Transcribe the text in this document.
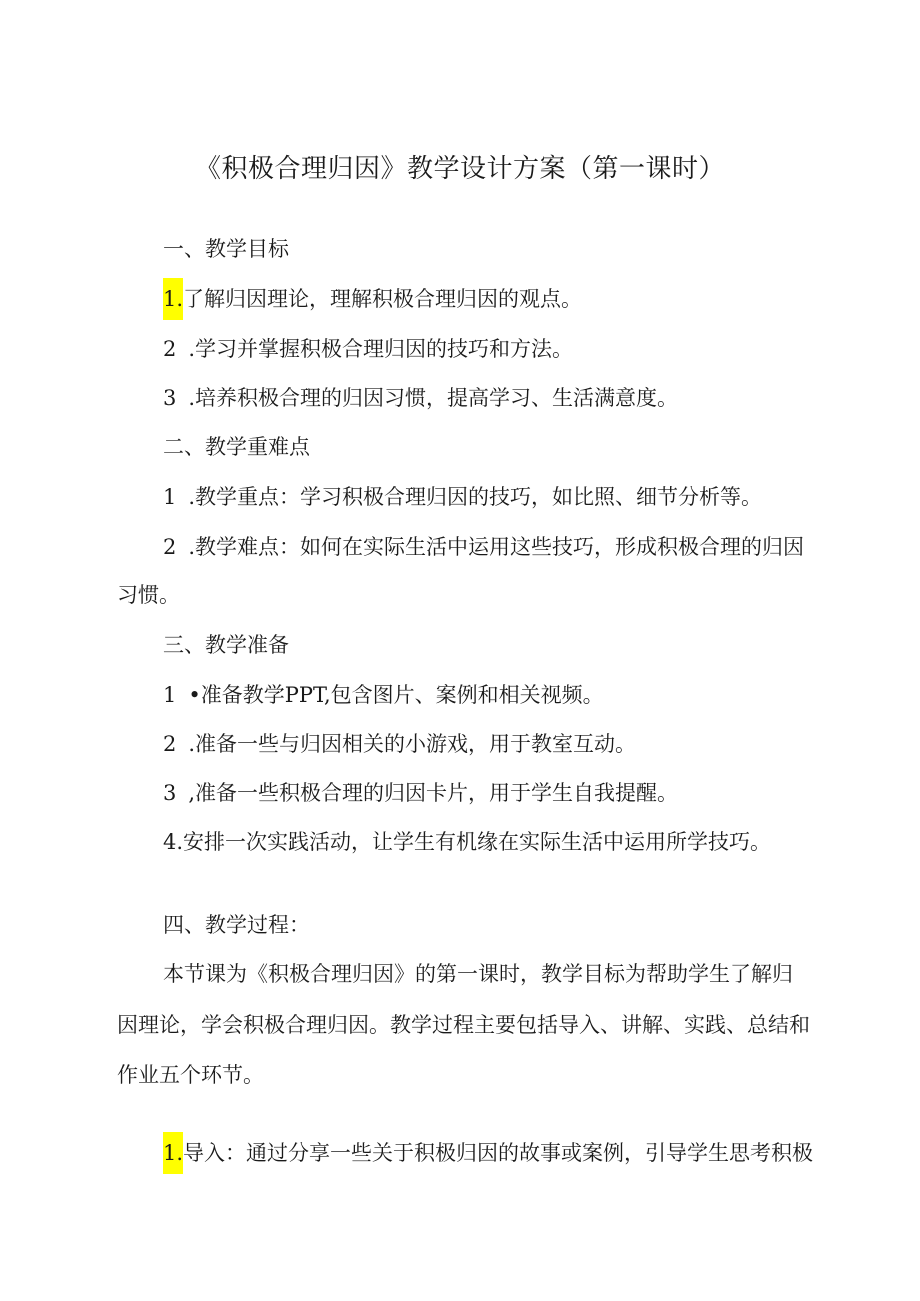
《积极合理归因》教学设计方案（第一课时）
一、教学目标
1.了解归因理论，理解积极合理归因的观点。
2 .学习并掌握积极合理归因的技巧和方法。
3 .培养积极合理的归因习惯，提高学习、生活满意度。
二、教学重难点
1 .教学重点：学习积极合理归因的技巧，如比照、细节分析等。
2 .教学难点：如何在实际生活中运用这些技巧，形成积极合理的归因
习惯。
三、教学准备
1 •准备教学PPT,包含图片、案例和相关视频。
2 .准备一些与归因相关的小游戏，用于教室互动。
3 ,准备一些积极合理的归因卡片，用于学生自我提醒。
4.安排一次实践活动，让学生有机缘在实际生活中运用所学技巧。
四、教学过程：
本节课为《积极合理归因》的第一课时，教学目标为帮助学生了解归
因理论，学会积极合理归因。教学过程主要包括导入、讲解、实践、总结和
作业五个环节。
1.导入：通过分享一些关于积极归因的故事或案例，引导学生思考积极
